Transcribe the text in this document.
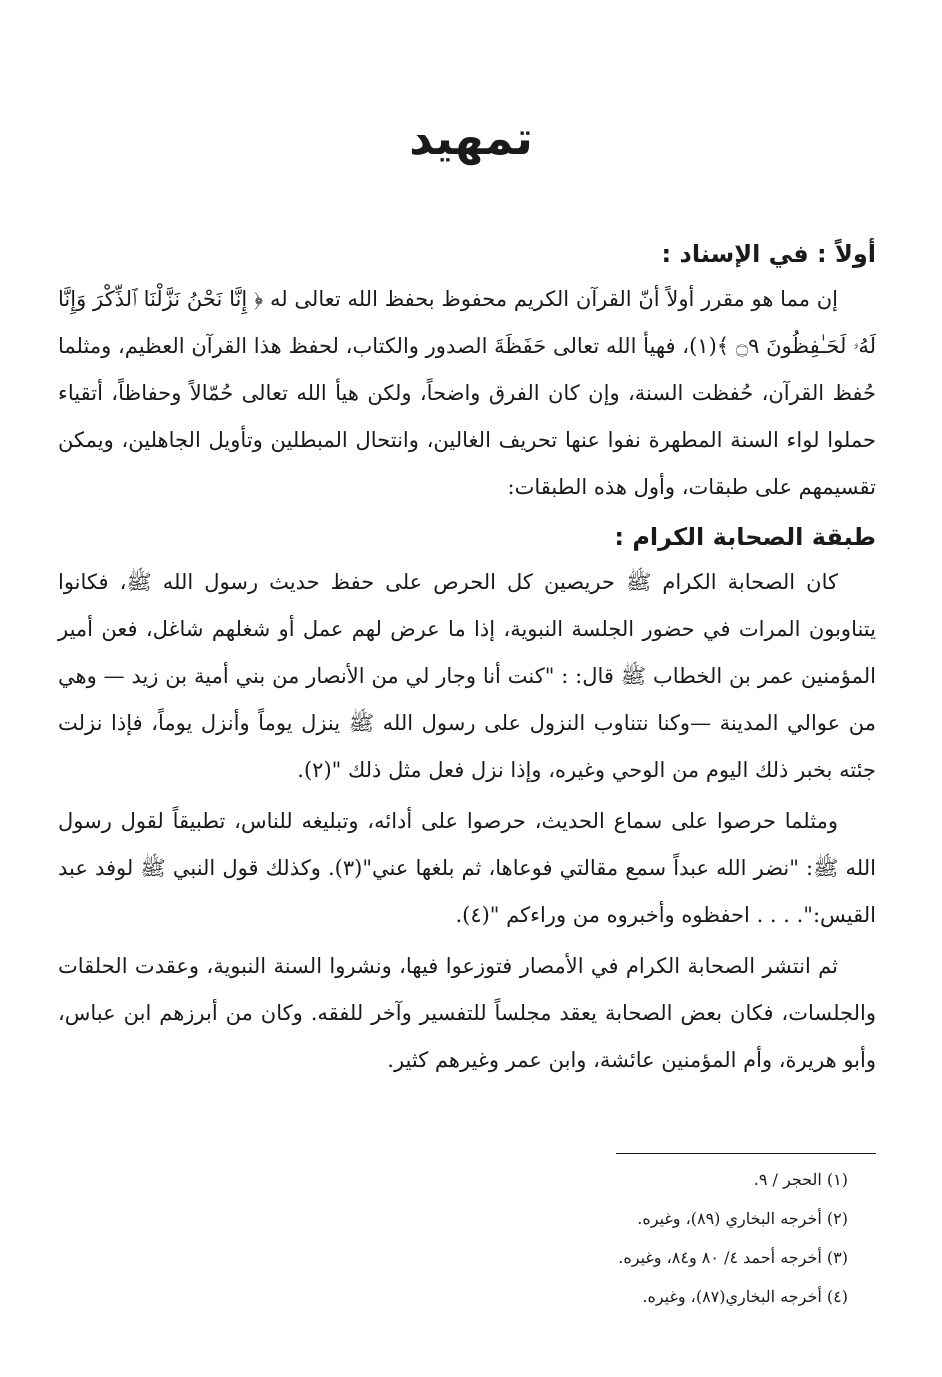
تمهيد
أولاً : في الإسناد :

إن مما هو مقرر أولاً أنّ القرآن الكريم محفوظ بحفظ الله تعالى له ﴿ إِنَّا نَحْنُ نَزَّلْنَا ٱلذِّكْرَ وَإِنَّا لَهُۥ لَحَـٰفِظُونَ ۝٩ ﴾(١)، فهيأ الله تعالى حَفَظَةَ الصدور والكتاب، لحفظ هذا القرآن العظيم، ومثلما حُفظ القرآن، حُفظت السنة، وإن كان الفرق واضحاً، ولكن هيأ الله تعالى حُمّالاً وحفاظاً، أتقياء حملوا لواء السنة المطهرة نفوا عنها تحريف الغالين، وانتحال المبطلين وتأويل الجاهلين، ويمكن تقسيمهم على طبقات، وأول هذه الطبقات:

طبقة الصحابة الكرام :

كان الصحابة الكرام ﷺ حريصين كل الحرص على حفظ حديث رسول الله ﷺ، فكانوا يتناوبون المرات في حضور الجلسة النبوية، إذا ما عرض لهم عمل أو شغلهم شاغل، فعن أمير المؤمنين عمر بن الخطاب ﷺ قال: : "كنت أنا وجار لي من الأنصار من بني أمية بن زيد — وهي من عوالي المدينة —وكنا نتناوب النزول على رسول الله ﷺ ينزل يوماً وأنزل يوماً، فإذا نزلت جئته بخبر ذلك اليوم من الوحي وغيره، وإذا نزل فعل مثل ذلك "(٢).

ومثلما حرصوا على سماع الحديث، حرصوا على أدائه، وتبليغه للناس، تطبيقاً لقول رسول الله ﷺ: "نضر الله عبداً سمع مقالتي فوعاها، ثم بلغها عني"(٣). وكذلك قول النبي ﷺ لوفد عبد القيس:". . . . احفظوه وأخبروه من وراءكم "(٤).

ثم انتشر الصحابة الكرام في الأمصار فتوزعوا فيها، ونشروا السنة النبوية، وعقدت الحلقات والجلسات، فكان بعض الصحابة يعقد مجلساً للتفسير وآخر للفقه. وكان من أبرزهم ابن عباس، وأبو هريرة، وأم المؤمنين عائشة، وابن عمر وغيرهم كثير.

(١) الحجر / ٩.

(٢) أخرجه البخاري (٨٩)، وغيره.

(٣) أخرجه أحمد ٤/ ٨٠ و٨٤، وغيره.

(٤) أخرجه البخاري(٨٧)، وغيره.
